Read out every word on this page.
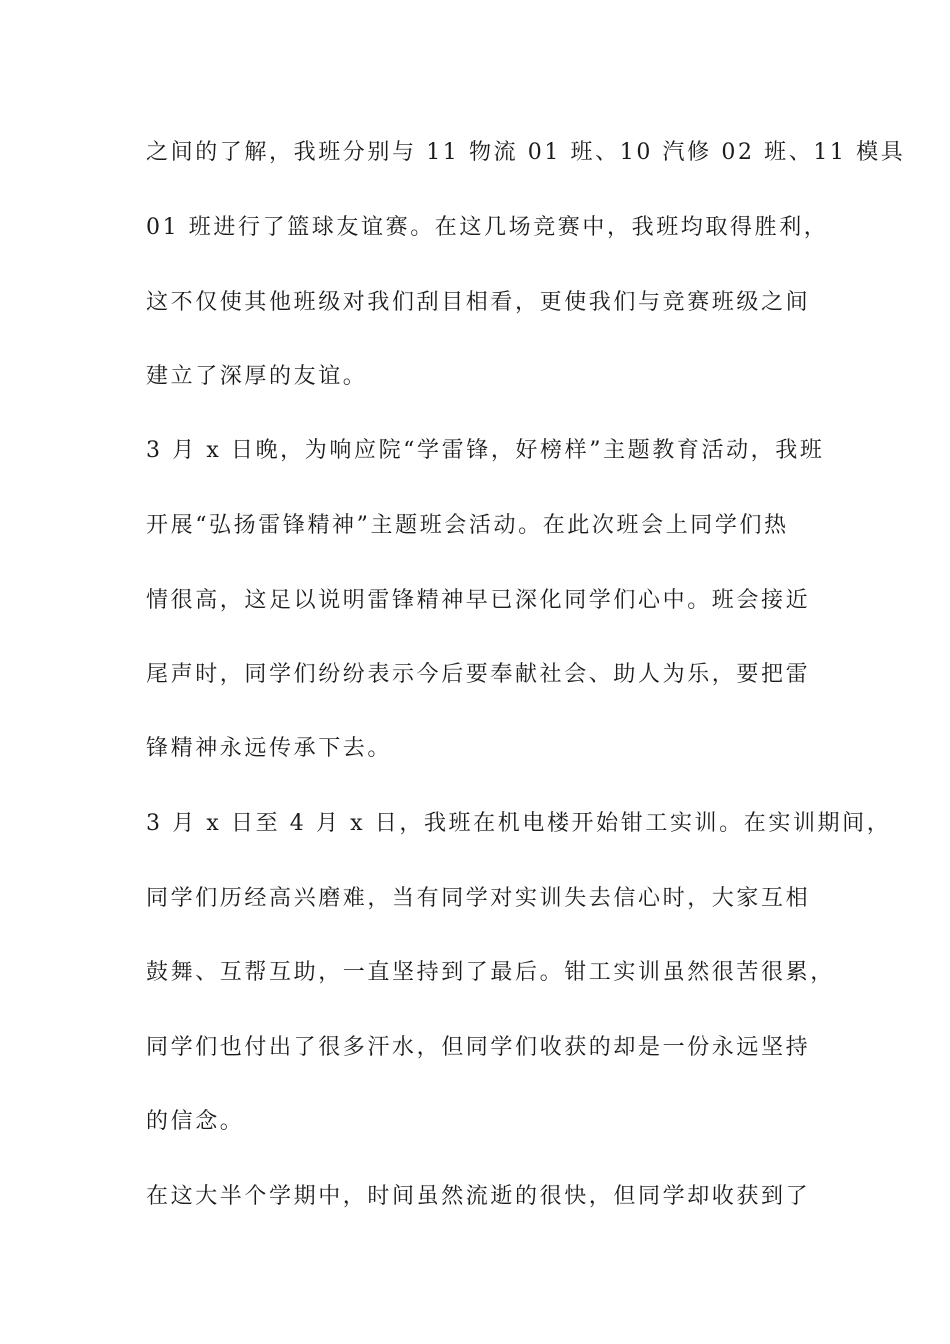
之间的了解，我班分别与 11 物流 01 班、10 汽修 02 班、11 模具
01 班进行了篮球友谊赛。在这几场竞赛中，我班均取得胜利，
这不仅使其他班级对我们刮目相看，更使我们与竞赛班级之间
建立了深厚的友谊。
3 月 x 日晚，为响应院“学雷锋，好榜样”主题教育活动，我班
开展“弘扬雷锋精神”主题班会活动。在此次班会上同学们热
情很高，这足以说明雷锋精神早已深化同学们心中。班会接近
尾声时，同学们纷纷表示今后要奉献社会、助人为乐，要把雷
锋精神永远传承下去。
3 月 x 日至 4 月 x 日，我班在机电楼开始钳工实训。在实训期间，
同学们历经高兴磨难，当有同学对实训失去信心时，大家互相
鼓舞、互帮互助，一直坚持到了最后。钳工实训虽然很苦很累，
同学们也付出了很多汗水，但同学们收获的却是一份永远坚持
的信念。
在这大半个学期中，时间虽然流逝的很快，但同学却收获到了
